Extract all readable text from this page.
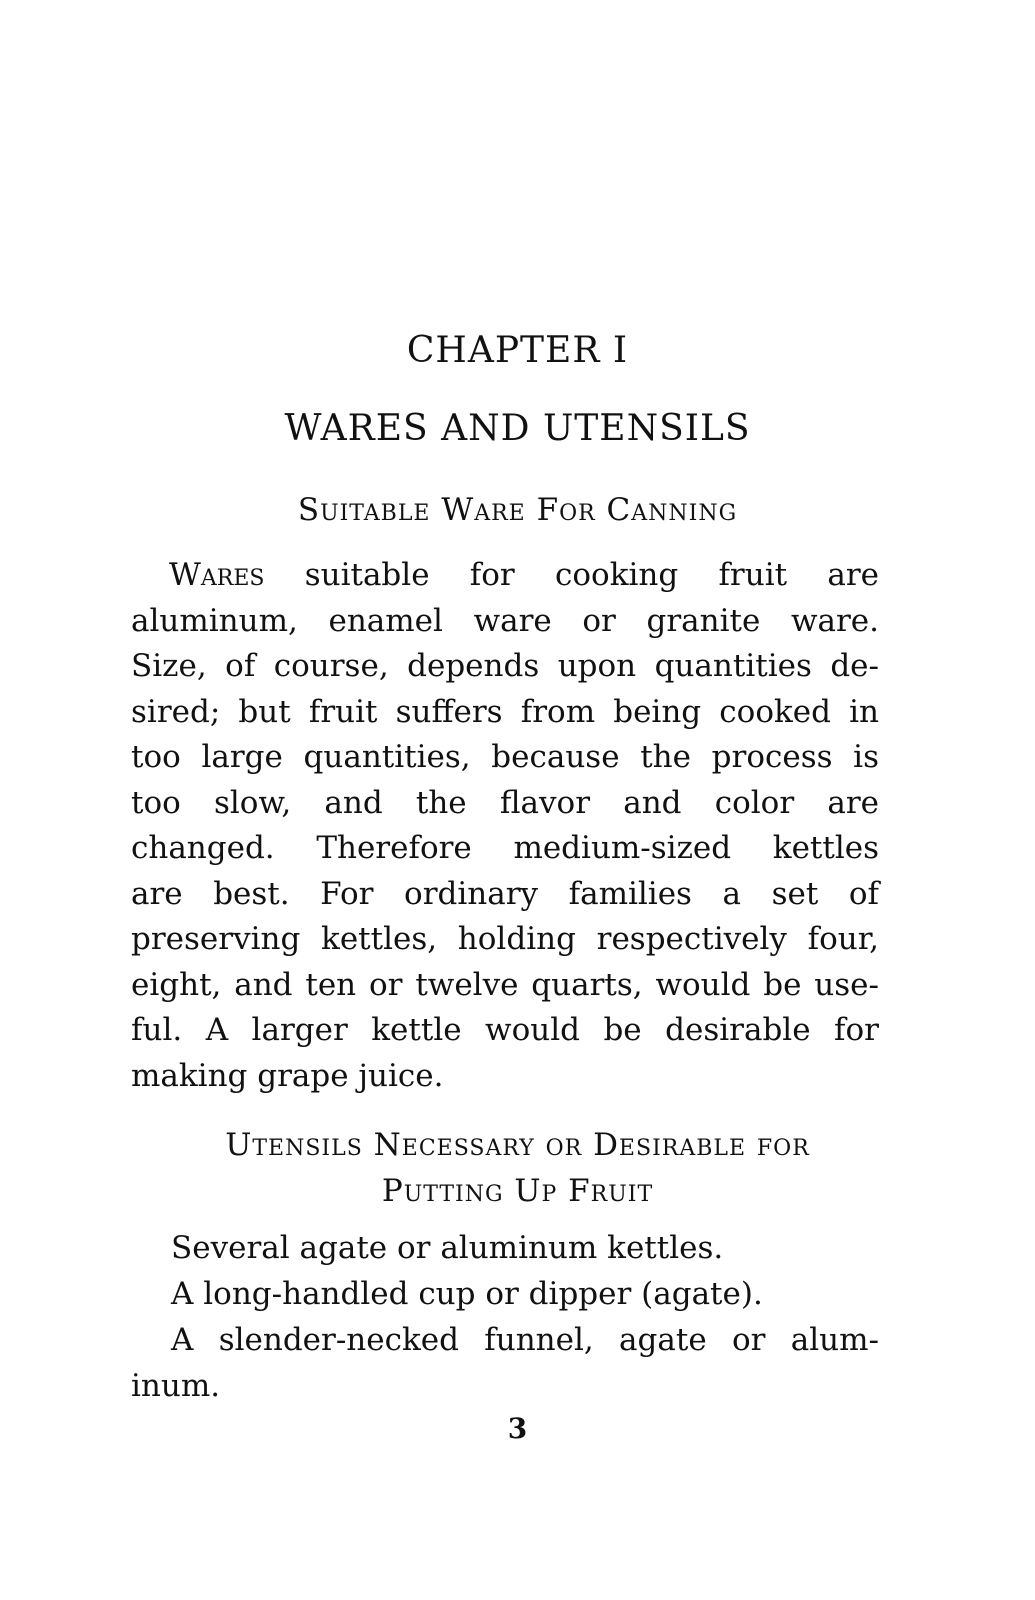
CHAPTER I
WARES AND UTENSILS
Suitable Ware For Canning
Wares suitable for cooking fruit are
aluminum, enamel ware or granite ware.
Size, of course, depends upon quantities de-
sired; but fruit suffers from being cooked in
too large quantities, because the process is
too slow, and the flavor and color are
changed. Therefore medium-sized kettles
are best. For ordinary families a set of
preserving kettles, holding respectively four,
eight, and ten or twelve quarts, would be use-
ful. A larger kettle would be desirable for
making grape juice.
Utensils Necessary or Desirable for
Putting Up Fruit
Several agate or aluminum kettles.
A long-handled cup or dipper (agate).
A slender-necked funnel, agate or alum-
inum.
3
